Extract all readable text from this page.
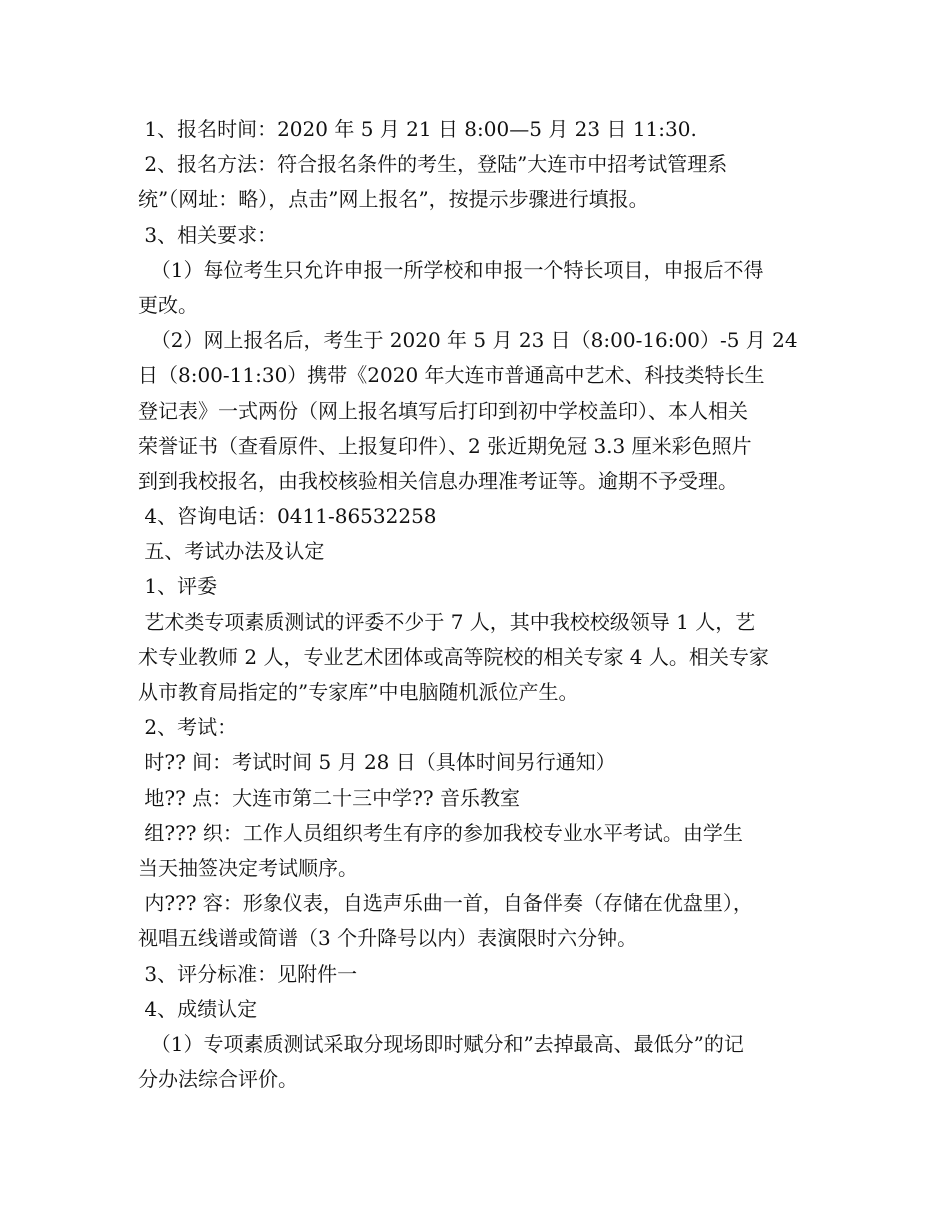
1、报名时间：2020 年 5 月 21 日 8:00—5 月 23 日 11:30.
2、报名方法：符合报名条件的考生，登陆”大连市中招考试管理系
统”（网址：略），点击”网上报名”，按提示步骤进行填报。
3、相关要求：
（1）每位考生只允许申报一所学校和申报一个特长项目，申报后不得
更改。
（2）网上报名后，考生于 2020 年 5 月 23 日（8:00-16:00）-5 月 24
日（8:00-11:30）携带《2020 年大连市普通高中艺术、科技类特长生
登记表》一式两份（网上报名填写后打印到初中学校盖印）、本人相关
荣誉证书（查看原件、上报复印件）、2 张近期免冠 3.3 厘米彩色照片
到到我校报名，由我校核验相关信息办理准考证等。逾期不予受理。
4、咨询电话：0411-86532258
五、考试办法及认定
1、评委
艺术类专项素质测试的评委不少于 7 人，其中我校校级领导 1 人，艺
术专业教师 2 人，专业艺术团体或高等院校的相关专家 4 人。相关专家
从市教育局指定的”专家库”中电脑随机派位产生。
2、考试：
时?? 间：考试时间 5 月 28 日（具体时间另行通知）
地?? 点：大连市第二十三中学?? 音乐教室
组??? 织：工作人员组织考生有序的参加我校专业水平考试。由学生
当天抽签决定考试顺序。
内??? 容：形象仪表，自选声乐曲一首，自备伴奏（存储在优盘里），
视唱五线谱或简谱（3 个升降号以内）表演限时六分钟。
3、评分标准：见附件一
4、成绩认定
（1）专项素质测试采取分现场即时赋分和”去掉最高、最低分”的记
分办法综合评价。
